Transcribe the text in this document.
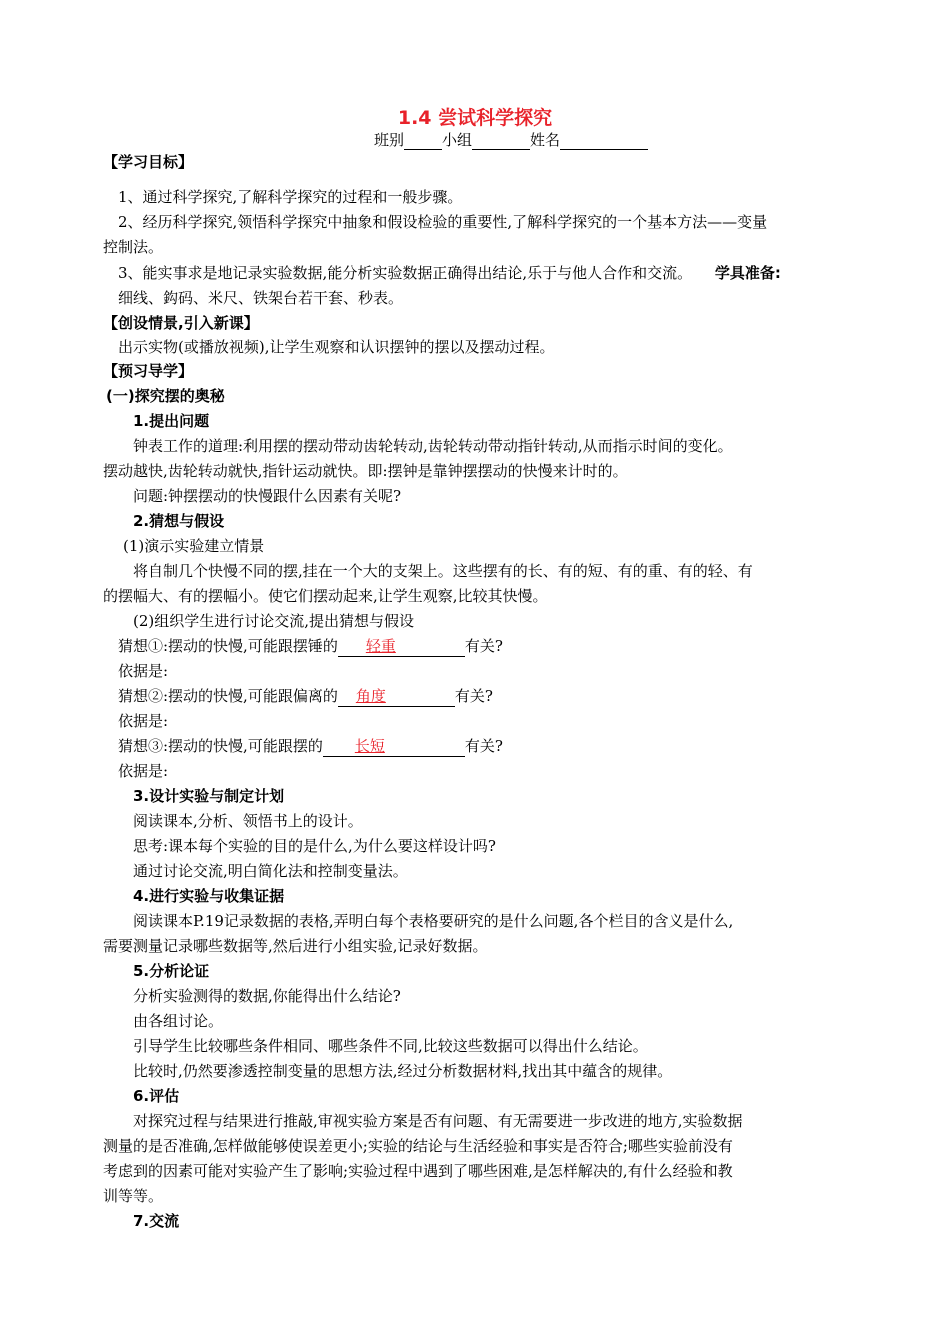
1.4 尝试科学探究
班别	小组	姓名
【学习目标】
1、通过科学探究,了解科学探究的过程和一般步骤。
2、经历科学探究,领悟科学探究中抽象和假设检验的重要性,了解科学探究的一个基本方法——变量
控制法。
3、能实事求是地记录实验数据,能分析实验数据正确得出结论,乐于与他人合作和交流。 学具准备:
细线、鈎码、米尺、铁架台若干套、秒表。
【创设情景,引入新课】
出示实物(或播放视频),让学生观察和认识摆钟的摆以及摆动过程。
【预习导学】
(一)探究摆的奥秘
1.提出问题
钟表工作的道理:利用摆的摆动带动齿轮转动,齿轮转动带动指针转动,从而指示时间的变化。
摆动越快,齿轮转动就快,指针运动就快。即:摆钟是靠钟摆摆动的快慢来计时的。
问题:钟摆摆动的快慢跟什么因素有关呢?
2.猜想与假设
(1)演示实验建立情景
将自制几个快慢不同的摆,挂在一个大的支架上。这些摆有的长、有的短、有的重、有的轻、有
的摆幅大、有的摆幅小。使它们摆动起来,让学生观察,比较其快慢。
(2)组织学生进行讨论交流,提出猜想与假设
猜想①:摆动的快慢,可能跟摆锤的 轻重	有关?
依据是:
猜想②:摆动的快慢,可能跟偏离的 角度	有关?
依据是:
猜想③:摆动的快慢,可能跟摆的 长短	有关?
依据是:
3.设计实验与制定计划
阅读课本,分析、领悟书上的设计。
思考:课本每个实验的目的是什么,为什么要这样设计吗?
通过讨论交流,明白简化法和控制变量法。
4.进行实验与收集证据
阅读课本P.19记录数据的表格,弄明白每个表格要研究的是什么问题,各个栏目的含义是什么,
需要测量记录哪些数据等,然后进行小组实验,记录好数据。
5.分析论证
分析实验测得的数据,你能得出什么结论?
由各组讨论。
引导学生比较哪些条件相同、哪些条件不同,比较这些数据可以得出什么结论。
比较时,仍然要渗透控制变量的思想方法,经过分析数据材料,找出其中蕴含的规律。
6.评估
对探究过程与结果进行推敲,审视实验方案是否有问题、有无需要进一步改进的地方,实验数据
测量的是否准确,怎样做能够使误差更小;实验的结论与生活经验和事实是否符合;哪些实验前没有
考虑到的因素可能对实验产生了影响;实验过程中遇到了哪些困难,是怎样解决的,有什么经验和教
训等等。
7.交流
